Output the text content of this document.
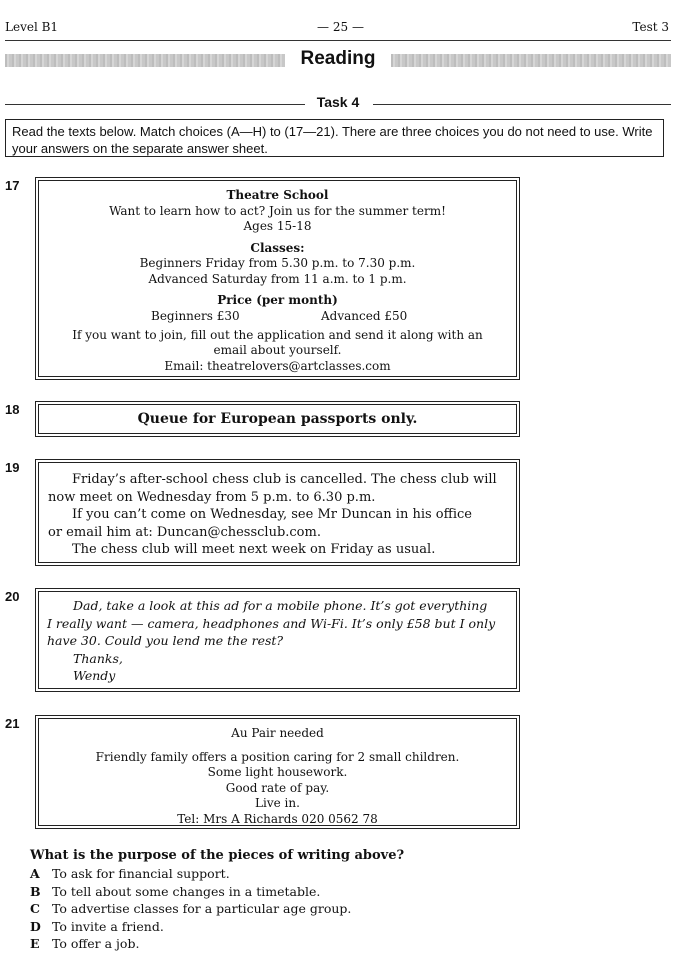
Level B1	— 25 —	Test 3
Reading
Task 4
Read the texts below. Match choices (A—H) to (17—21). There are three choices you do not need to use. Write your answers on the separate answer sheet.
17
Theatre School
Want to learn how to act? Join us for the summer term!
Ages 15-18
Classes:
Beginners Friday from 5.30 p.m. to 7.30 p.m.
Advanced Saturday from 11 a.m. to 1 p.m.
Price (per month)
Beginners £30	Advanced £50
If you want to join, fill out the application and send it along with an
email about yourself.
Email: theatrelovers@artclasses.com
18
Queue for European passports only.
19
Friday’s after-school chess club is cancelled. The chess club will
now meet on Wednesday from 5 p.m. to 6.30 p.m.
If you can’t come on Wednesday, see Mr Duncan in his office
or email him at: Duncan@chessclub.com.
The chess club will meet next week on Friday as usual.
20
Dad, take a look at this ad for a mobile phone. It’s got everything
I really want — camera, headphones and Wi-Fi. It’s only £58 but I only
have 30. Could you lend me the rest?
Thanks,
Wendy
21
Au Pair needed
Friendly family offers a position caring for 2 small children.
Some light housework.
Good rate of pay.
Live in.
Tel: Mrs A Richards 020 0562 78
What is the purpose of the pieces of writing above?
A To ask for financial support.
B To tell about some changes in a timetable.
C To advertise classes for a particular age group.
D To invite a friend.
E To offer a job.
